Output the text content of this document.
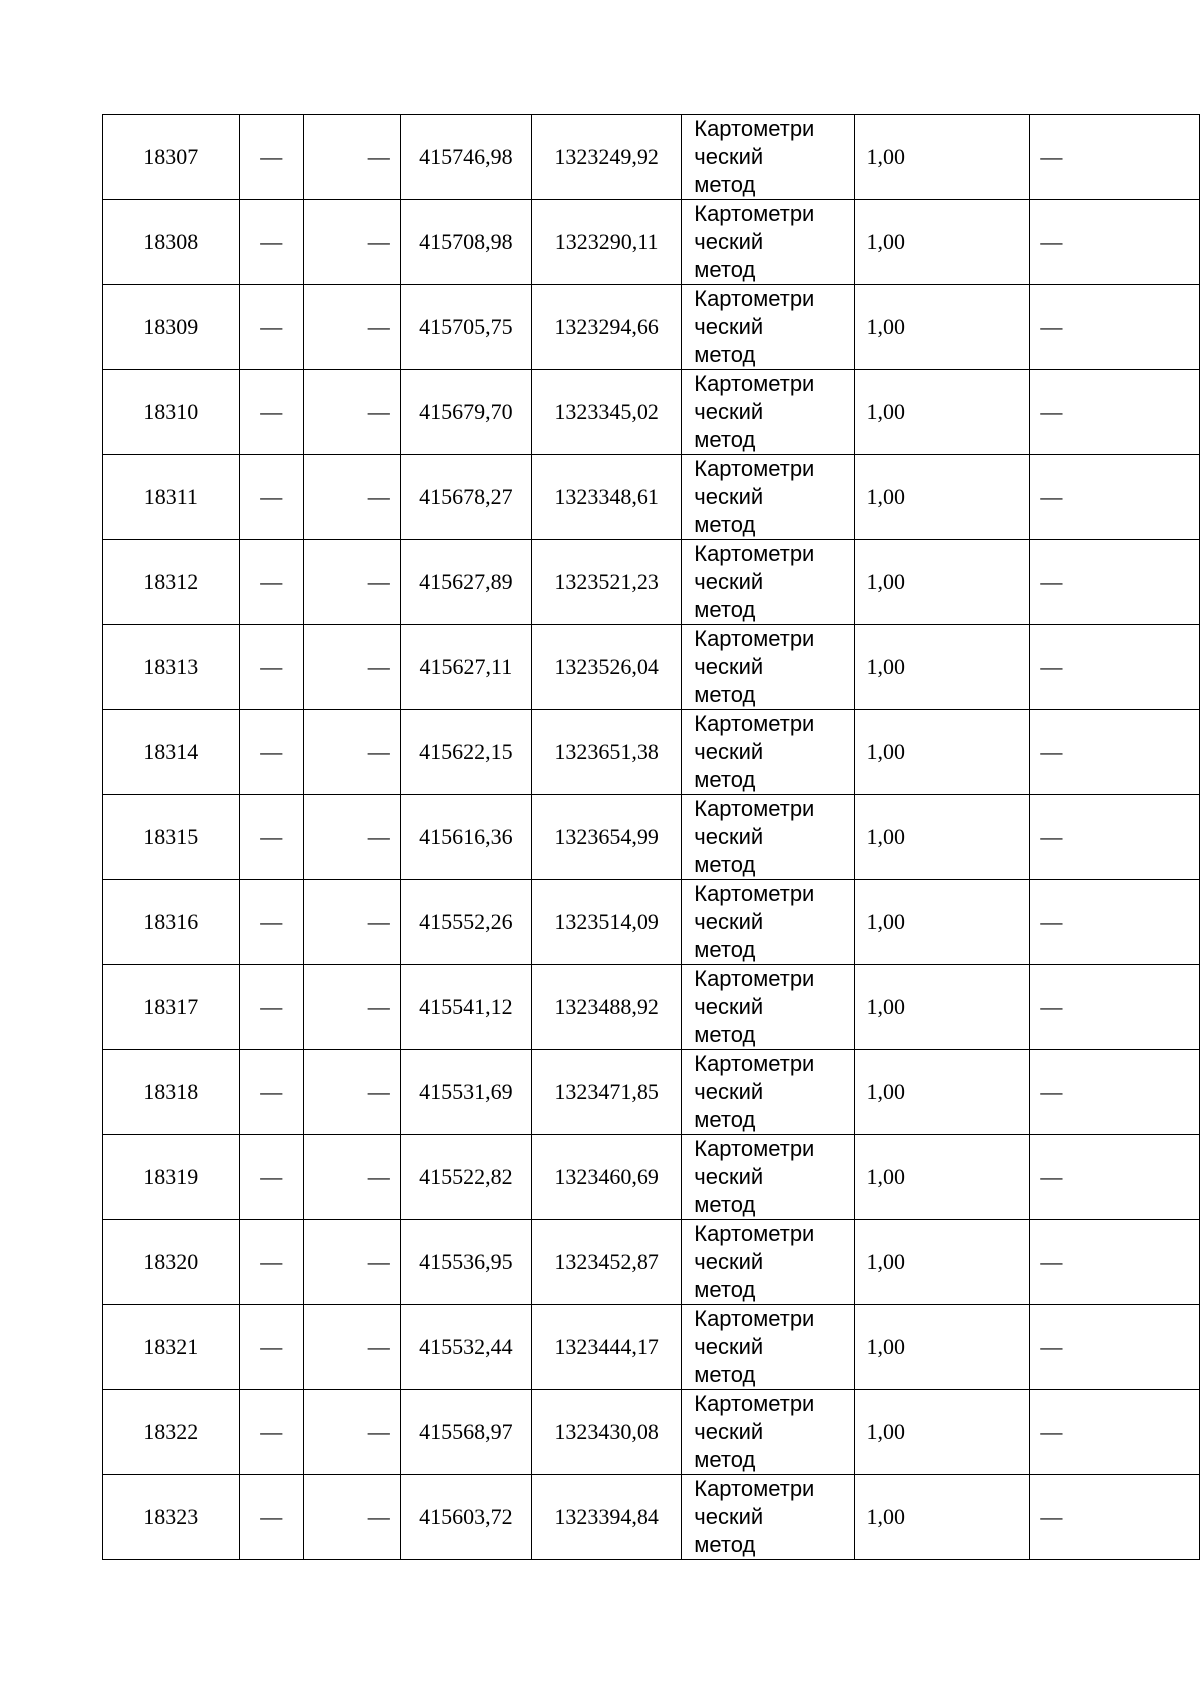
18307	—	—	415746,98	1323249,92	Картометри
ческий
метод	1,00	—
18308	—	—	415708,98	1323290,11	Картометри
ческий
метод	1,00	—
18309	—	—	415705,75	1323294,66	Картометри
ческий
метод	1,00	—
18310	—	—	415679,70	1323345,02	Картометри
ческий
метод	1,00	—
18311	—	—	415678,27	1323348,61	Картометри
ческий
метод	1,00	—
18312	—	—	415627,89	1323521,23	Картометри
ческий
метод	1,00	—
18313	—	—	415627,11	1323526,04	Картометри
ческий
метод	1,00	—
18314	—	—	415622,15	1323651,38	Картометри
ческий
метод	1,00	—
18315	—	—	415616,36	1323654,99	Картометри
ческий
метод	1,00	—
18316	—	—	415552,26	1323514,09	Картометри
ческий
метод	1,00	—
18317	—	—	415541,12	1323488,92	Картометри
ческий
метод	1,00	—
18318	—	—	415531,69	1323471,85	Картометри
ческий
метод	1,00	—
18319	—	—	415522,82	1323460,69	Картометри
ческий
метод	1,00	—
18320	—	—	415536,95	1323452,87	Картометри
ческий
метод	1,00	—
18321	—	—	415532,44	1323444,17	Картометри
ческий
метод	1,00	—
18322	—	—	415568,97	1323430,08	Картометри
ческий
метод	1,00	—
18323	—	—	415603,72	1323394,84	Картометри
ческий
метод	1,00	—
